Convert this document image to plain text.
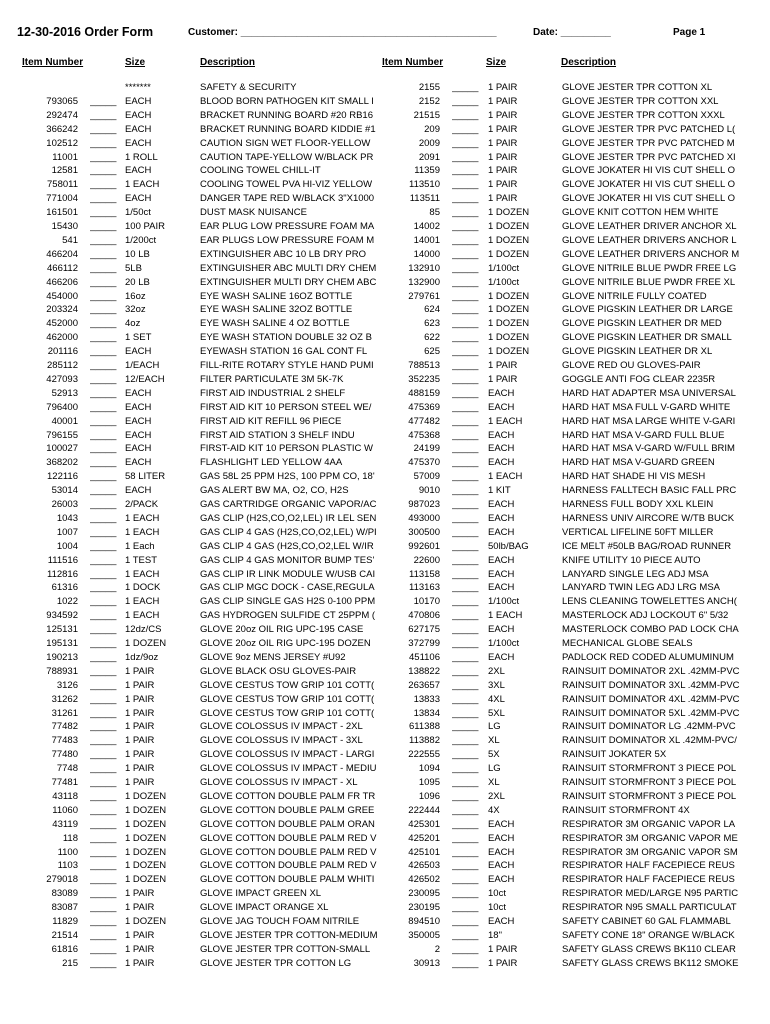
12-30-2016 Order Form	Customer: ______________________________________________	Date: _________	Page 1
Item Number	Size	Description	Item Number	Size	Description
*******	SAFETY & SECURITY
793065 _____ EACH	BLOOD BORN PATHOGEN KIT SMALL I
292474 _____ EACH	BRACKET RUNNING BOARD #20 RB16
366242 _____ EACH	BRACKET RUNNING BOARD KIDDIE #1
102512 _____ EACH	CAUTION SIGN WET FLOOR-YELLOW
11001 _____ 1 ROLL	CAUTION TAPE-YELLOW W/BLACK PR
12581 _____ EACH	COOLING TOWEL CHILL-IT
758011 _____ 1 EACH	COOLING TOWEL PVA HI-VIZ YELLOW
771004 _____ EACH	DANGER TAPE RED W/BLACK 3"X1000
161501 _____ 1/50ct	DUST MASK NUISANCE
15430 _____ 100 PAIR	EAR PLUG LOW PRESSURE FOAM MA
541 _____ 1/200ct	EAR PLUGS LOW PRESSURE FOAM M
466204 _____ 10 LB	EXTINGUISHER ABC 10 LB DRY PRO
466112 _____ 5LB	EXTINGUISHER ABC MULTI DRY CHEM
466206 _____ 20 LB	EXTINGUISHER MULTI DRY CHEM ABC
454000 _____ 16oz	EYE WASH SALINE 16OZ BOTTLE
203324 _____ 32oz	EYE WASH SALINE 32OZ BOTTLE
452000 _____ 4oz	EYE WASH SALINE 4 OZ BOTTLE
462000 _____ 1 SET	EYE WASH STATION DOUBLE 32 OZ B
201116 _____ EACH	EYEWASH STATION 16 GAL CONT FL
285112 _____ 1/EACH	FILL-RITE ROTARY STYLE HAND PUMI
427093 _____ 12/EACH	FILTER PARTICULATE 3M 5K-7K
52913 _____ EACH	FIRST AID INDUSTRIAL 2 SHELF
796400 _____ EACH	FIRST AID KIT 10 PERSON STEEL WE/
40001 _____ EACH	FIRST AID KIT REFILL 96 PIECE
796155 _____ EACH	FIRST AID STATION 3 SHELF INDU
100027 _____ EACH	FIRST-AID KIT 10 PERSON PLASTIC W
368202 _____ EACH	FLASHLIGHT LED YELLOW 4AA
122116 _____ 58 LITER	GAS 58L 25 PPM H2S, 100 PPM CO, 18'
53014 _____ EACH	GAS ALERT BW MA, O2, CO, H2S
26003 _____ 2/PACK	GAS CARTRIDGE ORGANIC VAPOR/AC
1043 _____ 1 EACH	GAS CLIP (H2S,CO,O2,LEL) IR LEL SEN
1007 _____ 1 EACH	GAS CLIP 4 GAS (H2S,CO,O2,LEL) W/PI
1004 _____ 1 Each	GAS CLIP 4 GAS (H2S,CO,O2,LEL W/IR
111516 _____ 1 TEST	GAS CLIP 4 GAS MONITOR BUMP TES'
112816 _____ 1 EACH	GAS CLIP IR LINK MODULE W/USB CAI
61316 _____ 1 DOCK	GAS CLIP MGC DOCK - CASE,REGULA
1022 _____ 1 EACH	GAS CLIP SINGLE GAS H2S 0-100 PPM
934592 _____ 1 EACH	GAS HYDROGEN SULFIDE CT 25PPM (
125131 _____ 12dz/CS	GLOVE 20oz OIL RIG UPC-195 CASE
195131 _____ 1 DOZEN	GLOVE 20oz OIL RIG UPC-195 DOZEN
190213 _____ 1dz/9oz	GLOVE 9oz MENS JERSEY #U92
788931 _____ 1 PAIR	GLOVE BLACK OSU GLOVES-PAIR
3126 _____ 1 PAIR	GLOVE CESTUS TOW GRIP 101 COTT(
31262 _____ 1 PAIR	GLOVE CESTUS TOW GRIP 101 COTT(
31261 _____ 1 PAIR	GLOVE CESTUS TOW GRIP 101 COTT(
77482 _____ 1 PAIR	GLOVE COLOSSUS IV IMPACT - 2XL
77483 _____ 1 PAIR	GLOVE COLOSSUS IV IMPACT - 3XL
77480 _____ 1 PAIR	GLOVE COLOSSUS IV IMPACT - LARGI
7748 _____ 1 PAIR	GLOVE COLOSSUS IV IMPACT - MEDIU
77481 _____ 1 PAIR	GLOVE COLOSSUS IV IMPACT - XL
43118 _____ 1 DOZEN	GLOVE COTTON DOUBLE PALM FR TR
11060 _____ 1 DOZEN	GLOVE COTTON DOUBLE PALM GREE
43119 _____ 1 DOZEN	GLOVE COTTON DOUBLE PALM ORAN
118 _____ 1 DOZEN	GLOVE COTTON DOUBLE PALM RED V
1100 _____ 1 DOZEN	GLOVE COTTON DOUBLE PALM RED V
1103 _____ 1 DOZEN	GLOVE COTTON DOUBLE PALM RED V
279018 _____ 1 DOZEN	GLOVE COTTON DOUBLE PALM WHITI
83089 _____ 1 PAIR	GLOVE IMPACT GREEN XL
83087 _____ 1 PAIR	GLOVE IMPACT ORANGE XL
11829 _____ 1 DOZEN	GLOVE JAG TOUCH FOAM NITRILE
21514 _____ 1 PAIR	GLOVE JESTER TPR COTTON-MEDIUM
61816 _____ 1 PAIR	GLOVE JESTER TPR COTTON-SMALL
215 _____ 1 PAIR	GLOVE JESTER TPR COTTON LG
2155 _____	1 PAIR	GLOVE JESTER TPR COTTON XL
2152 _____	1 PAIR	GLOVE JESTER TPR COTTON XXL
21515 _____	1 PAIR	GLOVE JESTER TPR COTTON XXXL
209 _____	1 PAIR	GLOVE JESTER TPR PVC PATCHED L(
2009 _____	1 PAIR	GLOVE JESTER TPR PVC PATCHED M
2091 _____	1 PAIR	GLOVE JESTER TPR PVC PATCHED XI
11359 _____	1 PAIR	GLOVE JOKATER HI VIS CUT SHELL O
113510 _____	1 PAIR	GLOVE JOKATER HI VIS CUT SHELL O
113511 _____	1 PAIR	GLOVE JOKATER HI VIS CUT SHELL O
85 _____	1 DOZEN	GLOVE KNIT COTTON HEM WHITE
14002 _____	1 DOZEN	GLOVE LEATHER DRIVER ANCHOR XL
14001 _____	1 DOZEN	GLOVE LEATHER DRIVERS ANCHOR L
14000 _____	1 DOZEN	GLOVE LEATHER DRIVERS ANCHOR M
132910 _____	1/100ct	GLOVE NITRILE BLUE PWDR FREE LG
132900 _____	1/100ct	GLOVE NITRILE BLUE PWDR FREE XL
279761 _____	1 DOZEN	GLOVE NITRILE FULLY COATED
624 _____	1 DOZEN	GLOVE PIGSKIN LEATHER DR LARGE
623 _____	1 DOZEN	GLOVE PIGSKIN LEATHER DR MED
622 _____	1 DOZEN	GLOVE PIGSKIN LEATHER DR SMALL
625 _____	1 DOZEN	GLOVE PIGSKIN LEATHER DR XL
788513 _____	1 PAIR	GLOVE RED OU GLOVES-PAIR
352235 _____	1 PAIR	GOGGLE ANTI FOG CLEAR 2235R
488159 _____	EACH	HARD HAT ADAPTER MSA UNIVERSAL
475369 _____	EACH	HARD HAT MSA FULL V-GARD WHITE
477482 _____	1 EACH	HARD HAT MSA LARGE WHITE V-GARI
475368 _____	EACH	HARD HAT MSA V-GARD FULL BLUE
24199 _____	EACH	HARD HAT MSA V-GARD W/FULL BRIM
475370 _____	EACH	HARD HAT MSA V-GUARD GREEN
57009 _____	1 EACH	HARD HAT SHADE HI VIS MESH
9010 _____	1 KIT	HARNESS FALLTECH BASIC FALL PRC
987023 _____	EACH	HARNESS FULL BODY XXL KLEIN
493000 _____	EACH	HARNESS UNIV AIRCORE W/TB BUCK
300500 _____	EACH	VERTICAL LIFELINE 50FT MILLER
992601 _____	50lb/BAG	ICE MELT #50LB BAG/ROAD RUNNER
22600 _____	EACH	KNIFE UTILITY 10 PIECE AUTO
113158 _____	EACH	LANYARD SINGLE LEG ADJ MSA
113163 _____	EACH	LANYARD TWIN LEG ADJ LRG MSA
10170 _____	1/100ct	LENS CLEANING TOWELETTES ANCH(
470806 _____	1 EACH	MASTERLOCK ADJ LOCKOUT 6" 5/32
627175 _____	EACH	MASTERLOCK COMBO PAD LOCK CHA
372799 _____	1/100ct	MECHANICAL GLOBE SEALS
451106 _____	EACH	PADLOCK RED CODED ALUMUMINUM
138822 _____	2XL	RAINSUIT DOMINATOR 2XL .42MM-PVC
263657 _____	3XL	RAINSUIT DOMINATOR 3XL .42MM-PVC
13833 _____	4XL	RAINSUIT DOMINATOR 4XL .42MM-PVC
13834 _____	5XL	RAINSUIT DOMINATOR 5XL .42MM-PVC
611388 _____	LG	RAINSUIT DOMINATOR LG .42MM-PVC
113882 _____	XL	RAINSUIT DOMINATOR XL .42MM-PVC/
222555 _____	5X	RAINSUIT JOKATER 5X
1094 _____	LG	RAINSUIT STORMFRONT 3 PIECE POL
1095 _____	XL	RAINSUIT STORMFRONT 3 PIECE POL
1096 _____	2XL	RAINSUIT STORMFRONT 3 PIECE POL
222444 _____	4X	RAINSUIT STORMFRONT 4X
425301 _____	EACH	RESPIRATOR 3M ORGANIC VAPOR LA
425201 _____	EACH	RESPIRATOR 3M ORGANIC VAPOR ME
425101 _____	EACH	RESPIRATOR 3M ORGANIC VAPOR SM
426503 _____	EACH	RESPIRATOR HALF FACEPIECE REUS
426502 _____	EACH	RESPIRATOR HALF FACEPIECE REUS
230095 _____	10ct	RESPIRATOR MED/LARGE N95 PARTIC
230195 _____	10ct	RESPIRATOR N95 SMALL PARTICULAT
894510 _____	EACH	SAFETY CABINET 60 GAL FLAMMABL
350005 _____	18"	SAFETY CONE 18" ORANGE W/BLACK
2 _____	1 PAIR	SAFETY GLASS CREWS BK110 CLEAR
30913 _____	1 PAIR	SAFETY GLASS CREWS BK112 SMOKE
